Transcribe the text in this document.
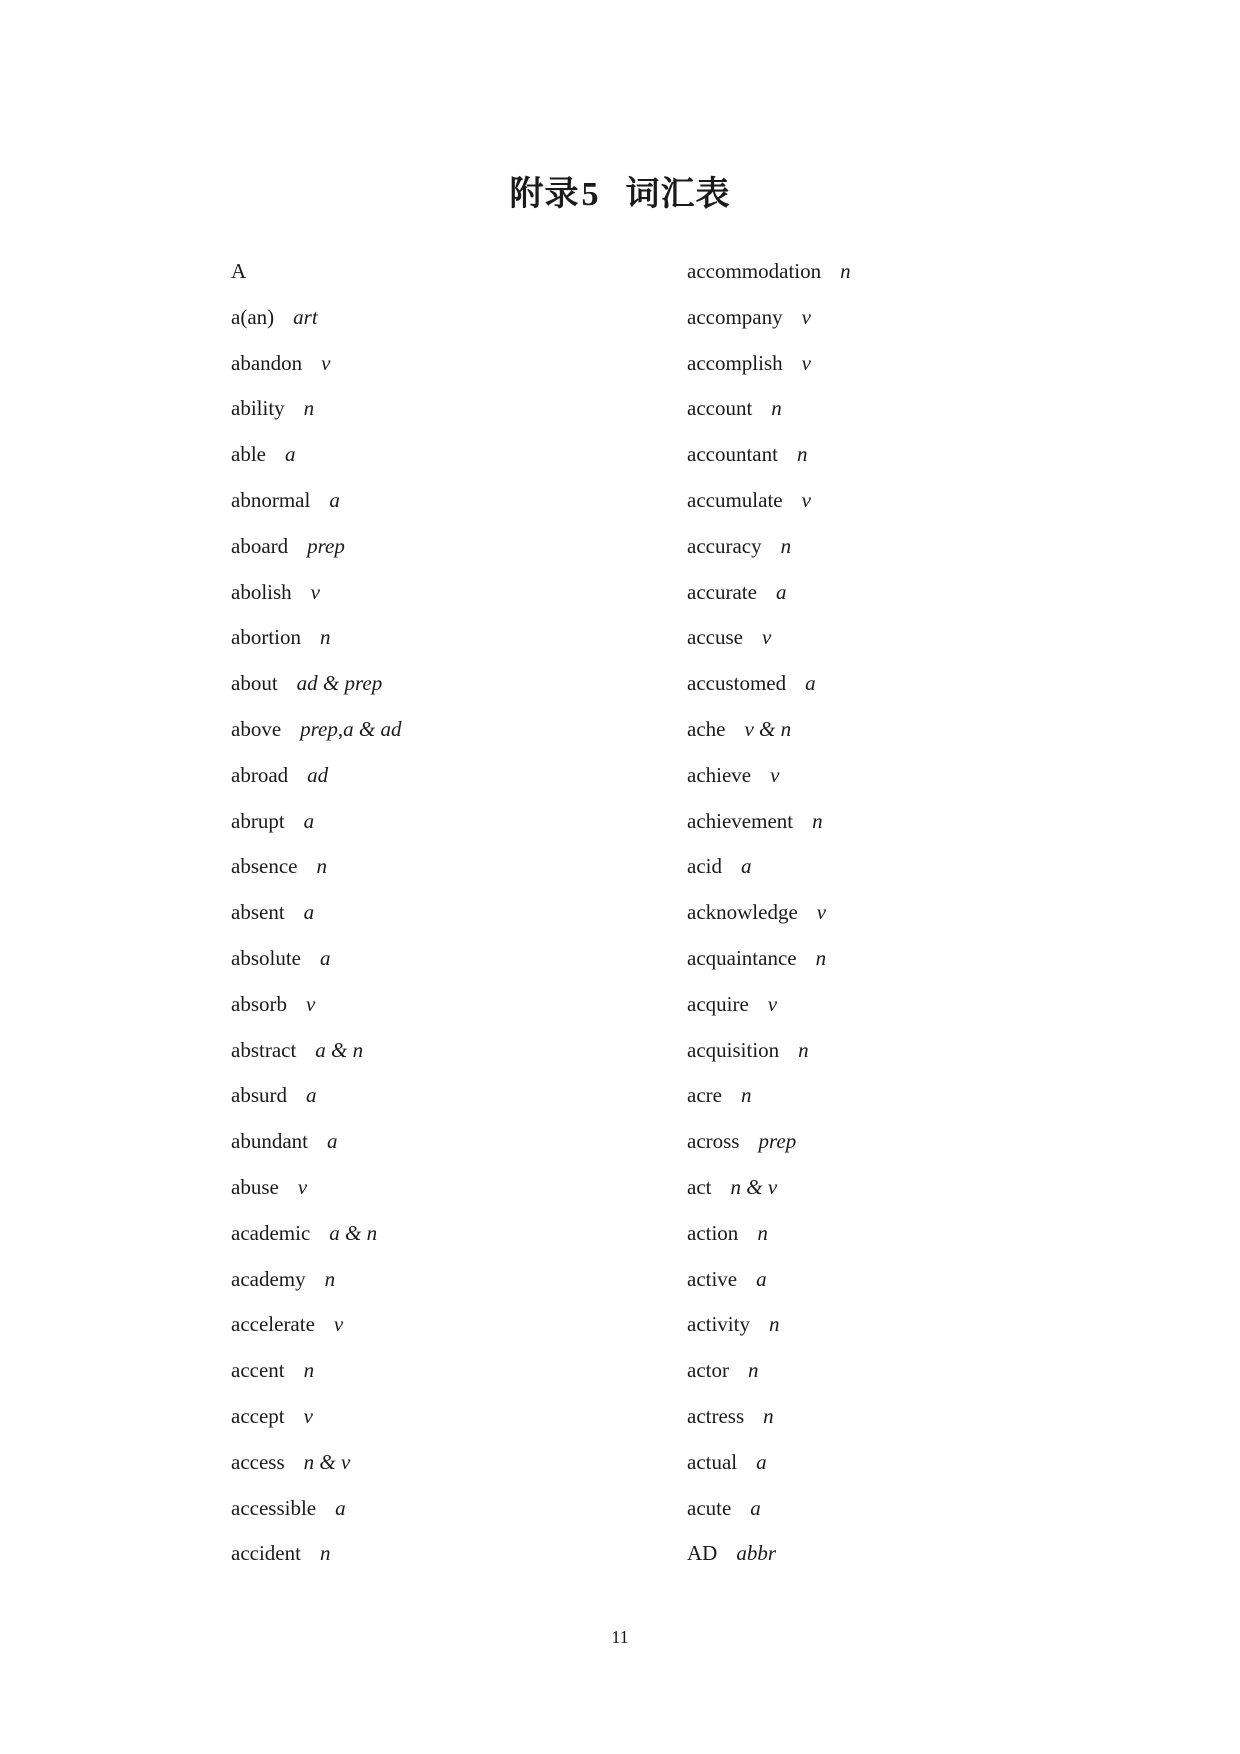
附录5 词汇表
A
a(an) art
abandon v
ability n
able a
abnormal a
aboard prep
abolish v
abortion n
about ad & prep
above prep,a & ad
abroad ad
abrupt a
absence n
absent a
absolute a
absorb v
abstract a & n
absurd a
abundant a
abuse v
academic a & n
academy n
accelerate v
accent n
accept v
access n & v
accessible a
accident n
accommodation n
accompany v
accomplish v
account n
accountant n
accumulate v
accuracy n
accurate a
accuse v
accustomed a
ache v & n
achieve v
achievement n
acid a
acknowledge v
acquaintance n
acquire v
acquisition n
acre n
across prep
act n & v
action n
active a
activity n
actor n
actress n
actual a
acute a
AD abbr
11
